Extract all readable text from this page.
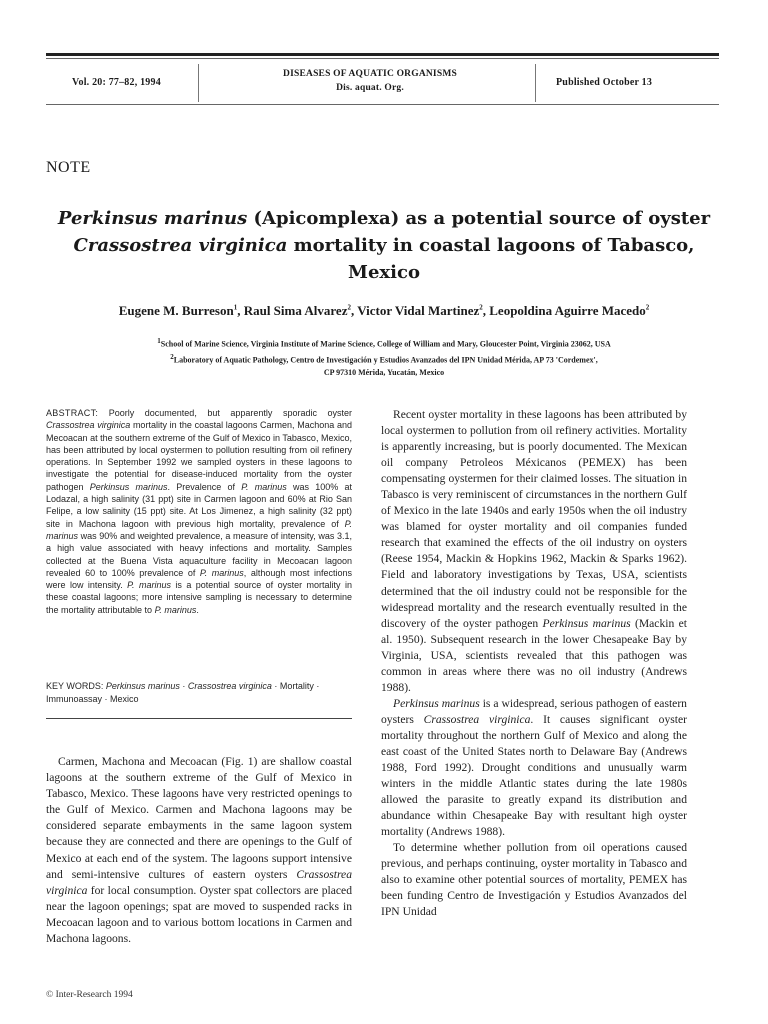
Vol. 20: 77–82, 1994
DISEASES OF AQUATIC ORGANISMS
Dis. aquat. Org.	Published October 13
NOTE
Perkinsus marinus (Apicomplexa) as a potential source of oyster Crassostrea virginica mortality in coastal lagoons of Tabasco, Mexico
Eugene M. Burreson$^1$, Raul Sima Alvarez$^2$, Victor Vidal Martinez$^2$, Leopoldina Aguirre Macedo$^2$
$^1$School of Marine Science, Virginia Institute of Marine Science, College of William and Mary, Gloucester Point, Virginia 23062, USA
$^2$Laboratory of Aquatic Pathology, Centro de Investigación y Estudios Avanzados del IPN Unidad Mérida, AP 73 'Cordemex',
CP 97310 Mérida, Yucatán, Mexico
ABSTRACT: Poorly documented, but apparently sporadic oyster Crassostrea virginica mortality in the coastal lagoons Carmen, Machona and Mecoacan at the southern extreme of the Gulf of Mexico in Tabasco, Mexico, has been attributed by local oystermen to pollution resulting from oil refinery operations. In September 1992 we sampled oysters in these lagoons to investigate the potential for disease-induced mortality from the oyster pathogen Perkinsus marinus. Prevalence of P. marinus was 100% at Lodazal, a high salinity (31 ppt) site in Carmen lagoon and 60% at Rio San Felipe, a low salinity (15 ppt) site. At Los Jimenez, a high salinity (32 ppt) site in Machona lagoon with previous high mortality, prevalence of P. marinus was 90% and weighted prevalence, a measure of intensity, was 3.1, a high value associated with heavy infections and mortality. Samples collected at the Buena Vista aquaculture facility in Mecoacan lagoon revealed 60 to 100% prevalence of P. marinus, although most infections were low intensity. P. marinus is a potential source of oyster mortality in these coastal lagoons; more intensive sampling is necessary to determine the mortality attributable to P. marinus.
KEY WORDS: Perkinsus marinus · Crassostrea virginica · Mortality · Immunoassay · Mexico

Carmen, Machona and Mecoacan (Fig. 1) are shallow coastal lagoons at the southern extreme of the Gulf of Mexico in Tabasco, Mexico. These lagoons have very restricted openings to the Gulf of Mexico. Carmen and Machona lagoons may be considered separate embayments in the same lagoon system because they are connected and there are openings to the Gulf of Mexico at each end of the system. The lagoons support intensive and semi-intensive cultures of eastern oysters Crassostrea virginica for local consumption. Oyster spat collectors are placed near the lagoon openings; spat are moved to suspended racks in Mecoacan lagoon and to various bottom locations in Carmen and Machona lagoons.

Recent oyster mortality in these lagoons has been attributed by local oystermen to pollution from oil refinery activities. Mortality is apparently increasing, but is poorly documented. The Mexican oil company Petroleos Méxicanos (PEMEX) has been compensating oystermen for their claimed losses. The situation in Tabasco is very reminiscent of circumstances in the northern Gulf of Mexico in the late 1940s and early 1950s when the oil industry was blamed for oyster mortality and oil companies funded research that examined the effects of the oil industry on oysters (Reese 1954, Mackin & Hopkins 1962, Mackin & Sparks 1962). Field and laboratory investigations by Texas, USA, scientists determined that the oil industry could not be responsible for the widespread mortality and the research eventually resulted in the discovery of the oyster pathogen Perkinsus marinus (Mackin et al. 1950). Subsequent research in the lower Chesapeake Bay by Virginia, USA, scientists revealed that this pathogen was common in areas where there was no oil industry (Andrews 1988).

Perkinsus marinus is a widespread, serious pathogen of eastern oysters Crassostrea virginica. It causes significant oyster mortality throughout the northern Gulf of Mexico and along the east coast of the United States north to Delaware Bay (Andrews 1988, Ford 1992). Drought conditions and unusually warm winters in the middle Atlantic states during the late 1980s allowed the parasite to greatly expand its distribution and abundance within Chesapeake Bay with resultant high oyster mortality (Andrews 1988).

To determine whether pollution from oil operations caused previous, and perhaps continuing, oyster mortality in Tabasco and also to examine other potential sources of mortality, PEMEX has been funding Centro de Investigación y Estudios Avanzados del IPN Unidad

© Inter-Research 1994
